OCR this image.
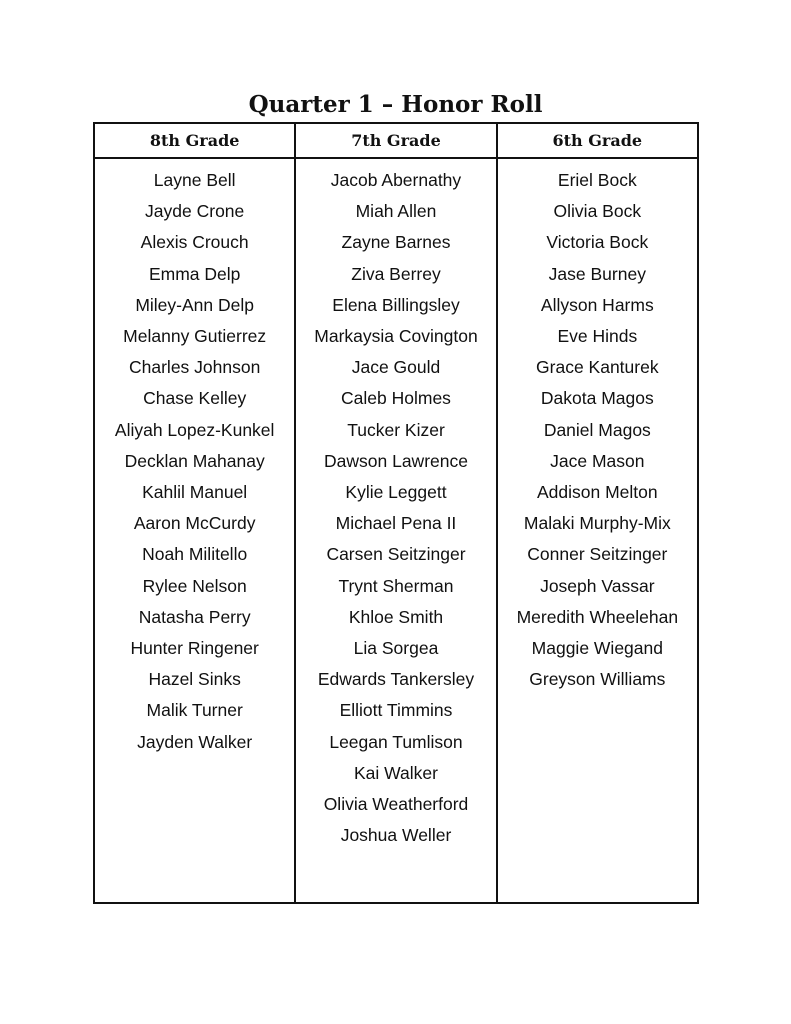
Quarter 1 – Honor Roll
8th Grade
Layne Bell
Jayde Crone
Alexis Crouch
Emma Delp
Miley-Ann Delp
Melanny Gutierrez
Charles Johnson
Chase Kelley
Aliyah Lopez-Kunkel
Decklan Mahanay
Kahlil Manuel
Aaron McCurdy
Noah Militello
Rylee Nelson
Natasha Perry
Hunter Ringener
Hazel Sinks
Malik Turner
Jayden Walker
7th Grade
Jacob Abernathy
Miah Allen
Zayne Barnes
Ziva Berrey
Elena Billingsley
Markaysia Covington
Jace Gould
Caleb Holmes
Tucker Kizer
Dawson Lawrence
Kylie Leggett
Michael Pena II
Carsen Seitzinger
Trynt Sherman
Khloe Smith
Lia Sorgea
Edwards Tankersley
Elliott Timmins
Leegan Tumlison
Kai Walker
Olivia Weatherford
Joshua Weller
6th Grade
Eriel Bock
Olivia Bock
Victoria Bock
Jase Burney
Allyson Harms
Eve Hinds
Grace Kanturek
Dakota Magos
Daniel Magos
Jace Mason
Addison Melton
Malaki Murphy-Mix
Conner Seitzinger
Joseph Vassar
Meredith Wheelehan
Maggie Wiegand
Greyson Williams
